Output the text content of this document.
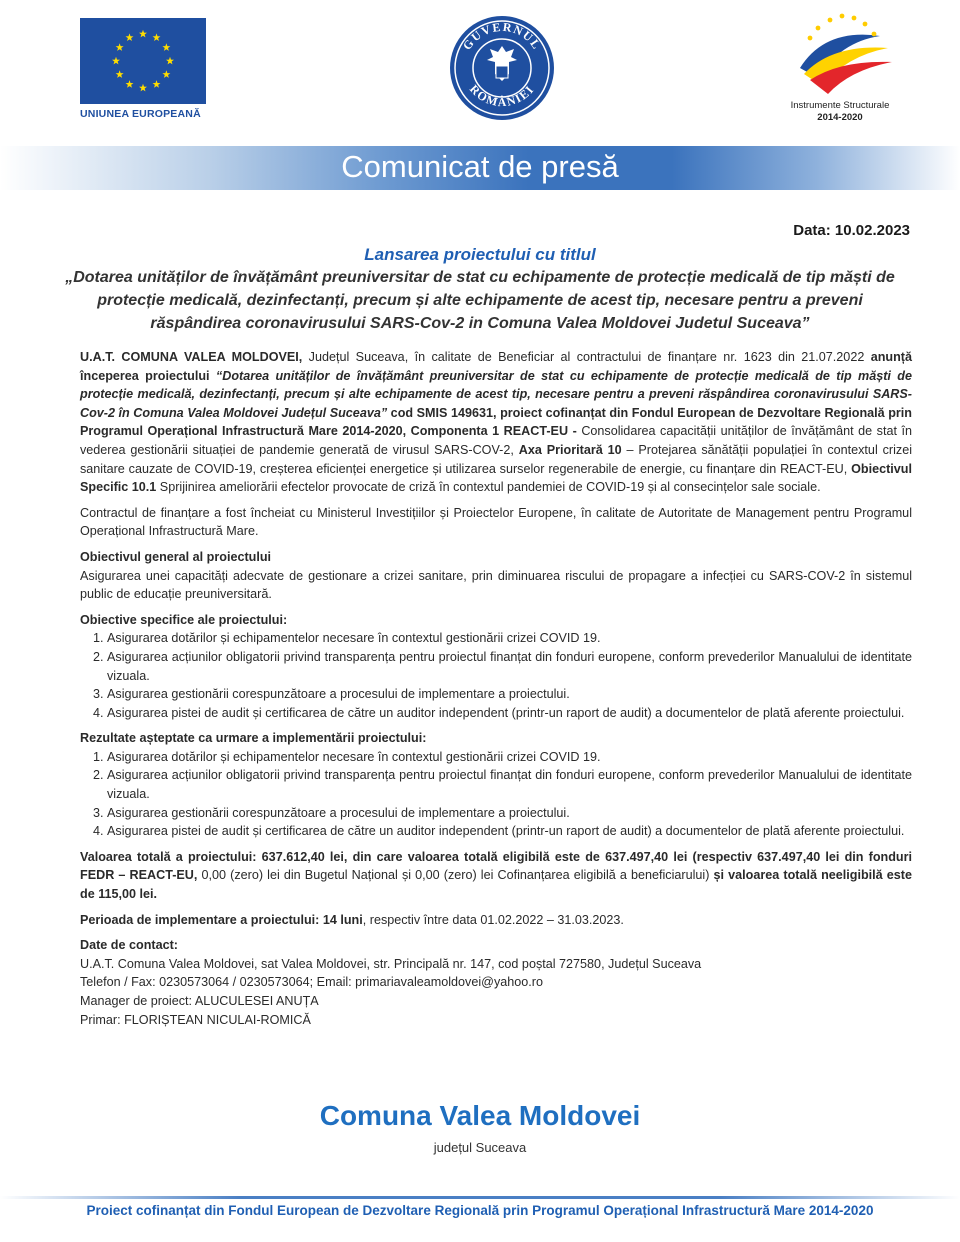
UNIUNEA EUROPEANĂ
GUVERNUL
ROMÂNIEI
Instrumente Structurale
2014-2020
Comunicat de presă
Data: 10.02.2023
Lansarea proiectului cu titlul
„Dotarea unităților de învățământ preuniversitar de stat cu echipamente de protecție medicală de tip măști de protecție medicală, dezinfectanți, precum și alte echipamente de acest tip, necesare pentru a preveni răspândirea coronavirusului SARS-Cov-2 in Comuna Valea Moldovei Judetul Suceava”

U.A.T. COMUNA VALEA MOLDOVEI, Județul Suceava, în calitate de Beneficiar al contractului de finanțare nr. 1623 din 21.07.2022 anunță începerea proiectului “Dotarea unităților de învățământ preuniversitar de stat cu echipamente de protecție medicală de tip măști de protecție medicală, dezinfectanți, precum și alte echipamente de acest tip, necesare pentru a preveni răspândirea coronavirusului SARS-Cov-2 în Comuna Valea Moldovei Județul Suceava” cod SMIS 149631, proiect cofinanțat din Fondul European de Dezvoltare Regională prin Programul Operațional Infrastructură Mare 2014-2020, Componenta 1 REACT-EU - Consolidarea capacității unităților de învățământ de stat în vederea gestionării situației de pandemie generată de virusul SARS-COV-2, Axa Prioritară 10 – Protejarea sănătății populației în contextul crizei sanitare cauzate de COVID-19, creșterea eficienței energetice și utilizarea surselor regenerabile de energie, cu finanțare din REACT-EU, Obiectivul Specific 10.1 Sprijinirea ameliorării efectelor provocate de criză în contextul pandemiei de COVID-19 și al consecințelor sale sociale.

Contractul de finanțare a fost încheiat cu Ministerul Investițiilor și Proiectelor Europene, în calitate de Autoritate de Management pentru Programul Operațional Infrastructură Mare.

Obiectivul general al proiectului

Asigurarea unei capacități adecvate de gestionare a crizei sanitare, prin diminuarea riscului de propagare a infecției cu SARS-COV-2 în sistemul public de educație preuniversitară.

Obiective specifice ale proiectului:

1. Asigurarea dotărilor și echipamentelor necesare în contextul gestionării crizei COVID 19.
2. Asigurarea acțiunilor obligatorii privind transparența pentru proiectul finanțat din fonduri europene, conform prevederilor Manualului de identitate vizuala.
3. Asigurarea gestionării corespunzătoare a procesului de implementare a proiectului.
4. Asigurarea pistei de audit și certificarea de către un auditor independent (printr-un raport de audit) a documentelor de plată aferente proiectului.

Rezultate așteptate ca urmare a implementării proiectului:

1. Asigurarea dotărilor și echipamentelor necesare în contextul gestionării crizei COVID 19.
2. Asigurarea acțiunilor obligatorii privind transparența pentru proiectul finanțat din fonduri europene, conform prevederilor Manualului de identitate vizuala.
3. Asigurarea gestionării corespunzătoare a procesului de implementare a proiectului.
4. Asigurarea pistei de audit și certificarea de către un auditor independent (printr-un raport de audit) a documentelor de plată aferente proiectului.

Valoarea totală a proiectului: 637.612,40 lei, din care valoarea totală eligibilă este de 637.497,40 lei (respectiv 637.497,40 lei din fonduri FEDR – REACT-EU, 0,00 (zero) lei din Bugetul Național și 0,00 (zero) lei Cofinanțarea eligibilă a beneficiarului) și valoarea totală neeligibilă este de 115,00 lei.

Perioada de implementare a proiectului: 14 luni, respectiv între data 01.02.2022 – 31.03.2023.

Date de contact:

U.A.T. Comuna Valea Moldovei, sat Valea Moldovei, str. Principală nr. 147, cod poștal 727580, Județul Suceava

Telefon / Fax: 0230573064 / 0230573064; Email: primariavaleamoldovei@yahoo.ro

Manager de proiect: ALUCULESEI ANUȚA

Primar: FLORIȘTEAN NICULAI-ROMICĂ

Comuna Valea Moldovei
județul Suceava
Proiect cofinanțat din Fondul European de Dezvoltare Regională prin Programul Operațional Infrastructură Mare 2014-2020
